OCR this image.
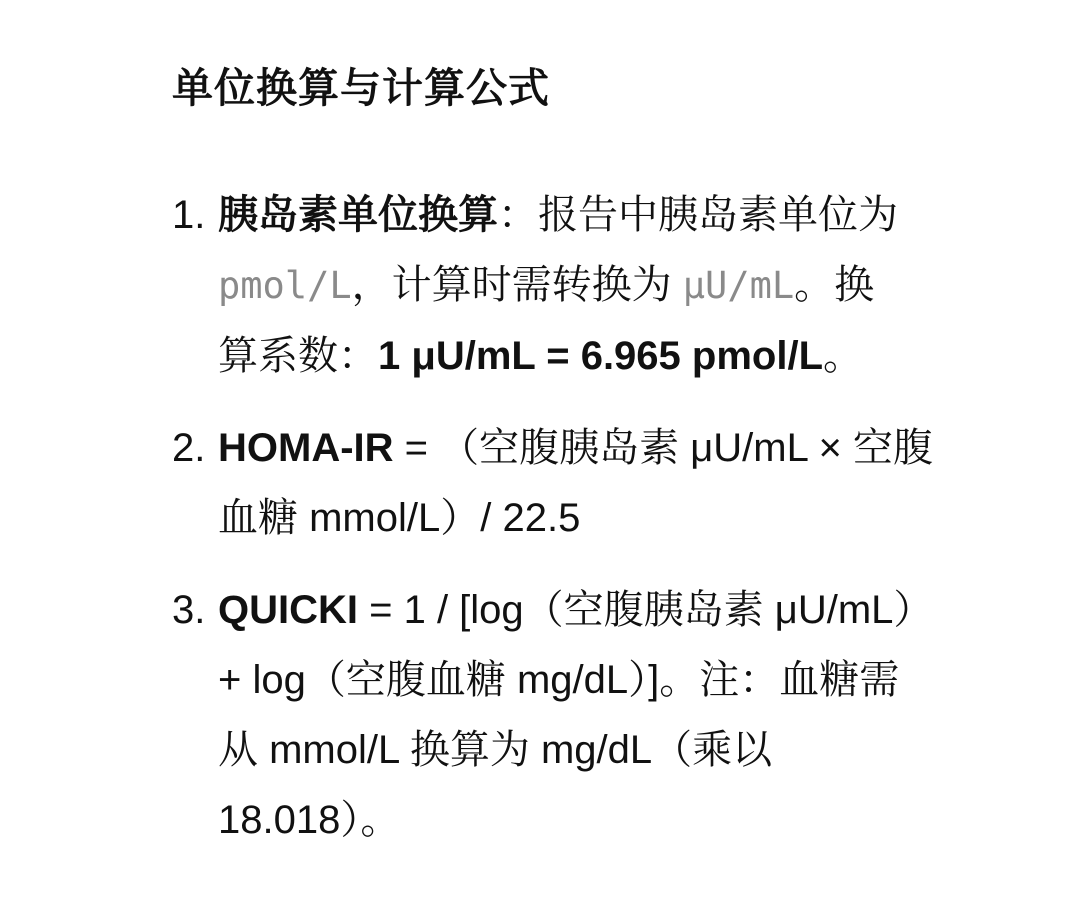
单位换算与计算公式
1. 胰岛素单位换算：报告中胰岛素单位为
pmol/L，计算时需转换为 μU/mL。换
算系数：1 μU/mL = 6.965 pmol/L。
2. HOMA-IR = （空腹胰岛素 μU/mL × 空腹
血糖 mmol/L）/ 22.5
3. QUICKI = 1 / [log（空腹胰岛素 μU/mL）
+ log（空腹血糖 mg/dL）]。注：血糖需
从 mmol/L 换算为 mg/dL（乘以
18.018）。
